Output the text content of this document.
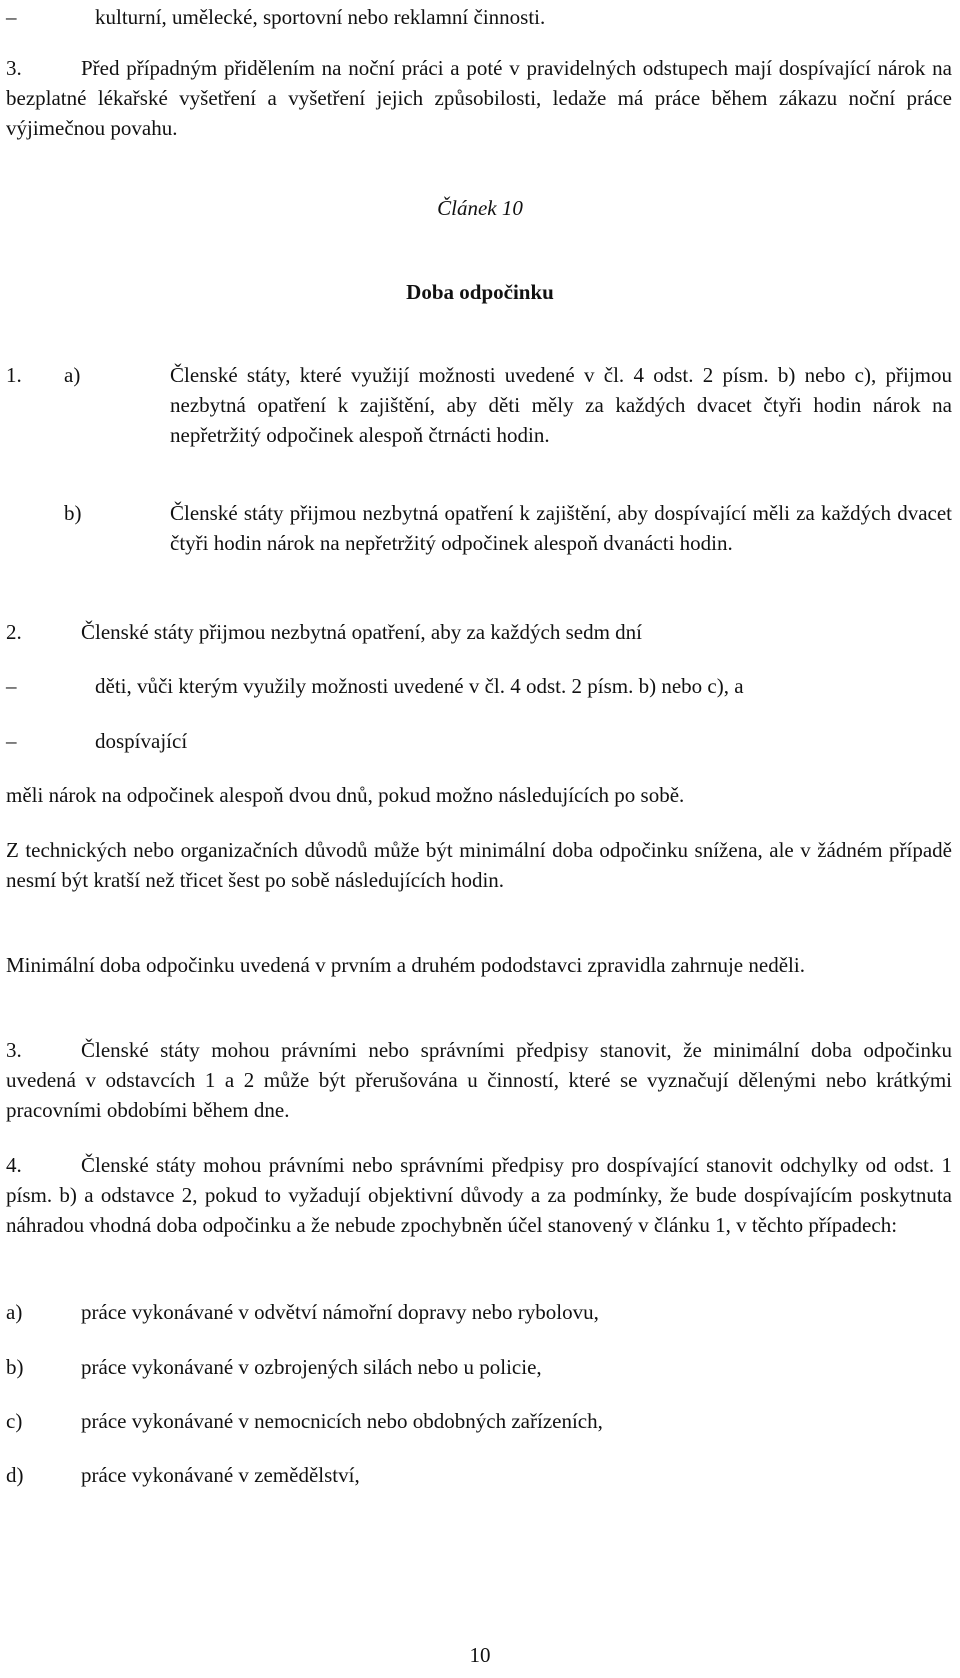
–	kulturní, umělecké, sportovní nebo reklamní činnosti.

3.	Před případným přidělením na noční práci a poté v pravidelných odstupech mají dospívající nárok na bezplatné lékařské vyšetření a vyšetření jejich způsobilosti, ledaže má práce během zákazu noční práce výjimečnou povahu.

Článek 10

Doba odpočinku

1. a)	Členské státy, které využijí možnosti uvedené v čl. 4 odst. 2 písm. b) nebo c), přijmou nezbytná opatření k zajištění, aby děti měly za každých dvacet čtyři hodin nárok na nepřetržitý odpočinek alespoň čtrnácti hodin.

b)	Členské státy přijmou nezbytná opatření k zajištění, aby dospívající měli za každých dvacet čtyři hodin nárok na nepřetržitý odpočinek alespoň dvanácti hodin.

2.	Členské státy přijmou nezbytná opatření, aby za každých sedm dní
–	děti, vůči kterým využily možnosti uvedené v čl. 4 odst. 2 písm. b) nebo c), a
–	dospívající

měli nárok na odpočinek alespoň dvou dnů, pokud možno následujících po sobě.

Z technických nebo organizačních důvodů může být minimální doba odpočinku snížena, ale v žádném případě nesmí být kratší než třicet šest po sobě následujících hodin.

Minimální doba odpočinku uvedená v prvním a druhém pododstavci zpravidla zahrnuje neděli.

3.	Členské státy mohou právními nebo správními předpisy stanovit, že minimální doba odpočinku uvedená v odstavcích 1 a 2 může být přerušována u činností, které se vyznačují dělenými nebo krátkými pracovními obdobími během dne.

4.	Členské státy mohou právními nebo správními předpisy pro dospívající stanovit odchylky od odst. 1 písm. b) a odstavce 2, pokud to vyžadují objektivní důvody a za podmínky, že bude dospívajícím poskytnuta náhradou vhodná doba odpočinku a že nebude zpochybněn účel stanovený v článku 1, v těchto případech:

a)	práce vykonávané v odvětví námořní dopravy nebo rybolovu,
b)	práce vykonávané v ozbrojených silách nebo u policie,
c)	práce vykonávané v nemocnicích nebo obdobných zařízeních,
d)	práce vykonávané v zemědělství,

10
